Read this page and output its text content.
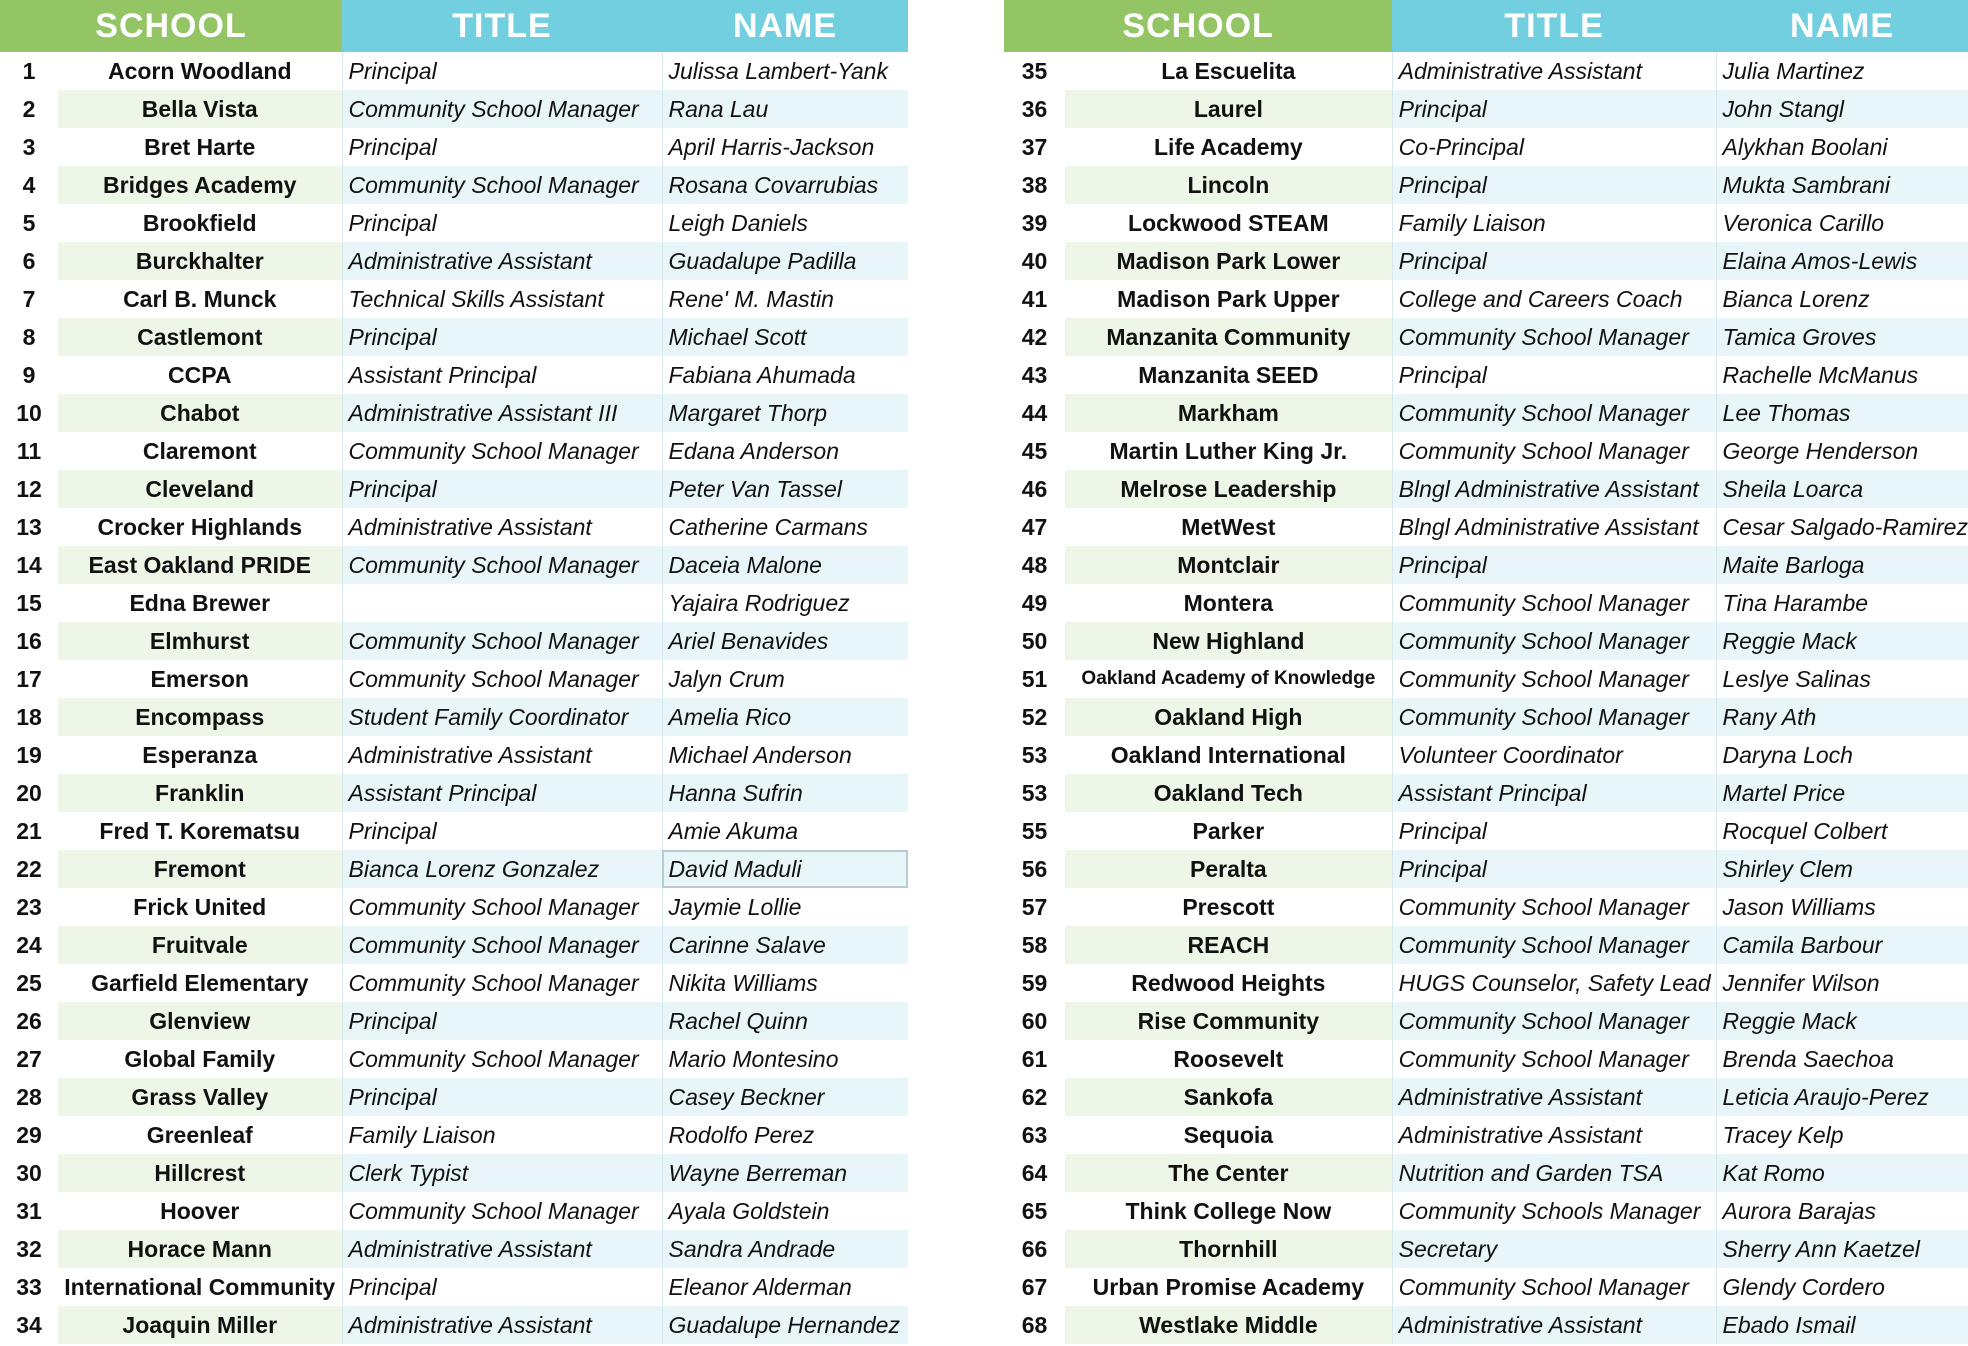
SCHOOL		TITLE	NAME
1	Acorn Woodland	Principal	Julissa Lambert-Yank
2	Bella Vista	Community School Manager	Rana Lau
3	Bret Harte	Principal	April Harris-Jackson
4	Bridges Academy	Community School Manager	Rosana Covarrubias
5	Brookfield	Principal	Leigh Daniels
6	Burckhalter	Administrative Assistant	Guadalupe Padilla
7	Carl B. Munck	Technical Skills Assistant	Rene' M. Mastin
8	Castlemont	Principal	Michael Scott
9	CCPA	Assistant Principal	Fabiana Ahumada
10	Chabot	Administrative Assistant III	Margaret Thorp
11	Claremont	Community School Manager	Edana Anderson
12	Cleveland	Principal	Peter Van Tassel
13	Crocker Highlands	Administrative Assistant	Catherine Carmans
14	East Oakland PRIDE	Community School Manager	Daceia Malone
15	Edna Brewer		Yajaira Rodriguez
16	Elmhurst	Community School Manager	Ariel Benavides
17	Emerson	Community School Manager	Jalyn Crum
18	Encompass	Student Family Coordinator	Amelia Rico
19	Esperanza	Administrative Assistant	Michael Anderson
20	Franklin	Assistant Principal	Hanna Sufrin
21	Fred T. Korematsu	Principal	Amie Akuma
22	Fremont	Bianca Lorenz Gonzalez	David Maduli
23	Frick United	Community School Manager	Jaymie Lollie
24	Fruitvale	Community School Manager	Carinne Salave
25	Garfield Elementary	Community School Manager	Nikita Williams
26	Glenview	Principal	Rachel Quinn
27	Global Family	Community School Manager	Mario Montesino
28	Grass Valley	Principal	Casey Beckner
29	Greenleaf	Family Liaison	Rodolfo Perez
30	Hillcrest	Clerk Typist	Wayne Berreman
31	Hoover	Community School Manager	Ayala Goldstein
32	Horace Mann	Administrative Assistant	Sandra Andrade
33	International Community	Principal	Eleanor Alderman
34	Joaquin Miller	Administrative Assistant	Guadalupe Hernandez
SCHOOL		TITLE	NAME
35	La Escuelita	Administrative Assistant	Julia Martinez
36	Laurel	Principal	John Stangl
37	Life Academy	Co-Principal	Alykhan Boolani
38	Lincoln	Principal	Mukta Sambrani
39	Lockwood STEAM	Family Liaison	Veronica Carillo
40	Madison Park Lower	Principal	Elaina Amos-Lewis
41	Madison Park Upper	College and Careers Coach	Bianca Lorenz
42	Manzanita Community	Community School Manager	Tamica Groves
43	Manzanita SEED	Principal	Rachelle McManus
44	Markham	Community School Manager	Lee Thomas
45	Martin Luther King Jr.	Community School Manager	George Henderson
46	Melrose Leadership	Blngl Administrative Assistant	Sheila Loarca
47	MetWest	Blngl Administrative Assistant	Cesar Salgado-Ramirez
48	Montclair	Principal	Maite Barloga
49	Montera	Community School Manager	Tina Harambe
50	New Highland	Community School Manager	Reggie Mack
51	Oakland Academy of Knowledge	Community School Manager	Leslye Salinas
52	Oakland High	Community School Manager	Rany Ath
53	Oakland International	Volunteer Coordinator	Daryna Loch
53	Oakland Tech	Assistant Principal	Martel Price
55	Parker	Principal	Rocquel Colbert
56	Peralta	Principal	Shirley Clem
57	Prescott	Community School Manager	Jason Williams
58	REACH	Community School Manager	Camila Barbour
59	Redwood Heights	HUGS Counselor, Safety Lead	Jennifer Wilson
60	Rise Community	Community School Manager	Reggie Mack
61	Roosevelt	Community School Manager	Brenda Saechoa
62	Sankofa	Administrative Assistant	Leticia Araujo-Perez
63	Sequoia	Administrative Assistant	Tracey Kelp
64	The Center	Nutrition and Garden TSA	Kat Romo
65	Think College Now	Community Schools Manager	Aurora Barajas
66	Thornhill	Secretary	Sherry Ann Kaetzel
67	Urban Promise Academy	Community School Manager	Glendy Cordero
68	Westlake Middle	Administrative Assistant	Ebado Ismail
